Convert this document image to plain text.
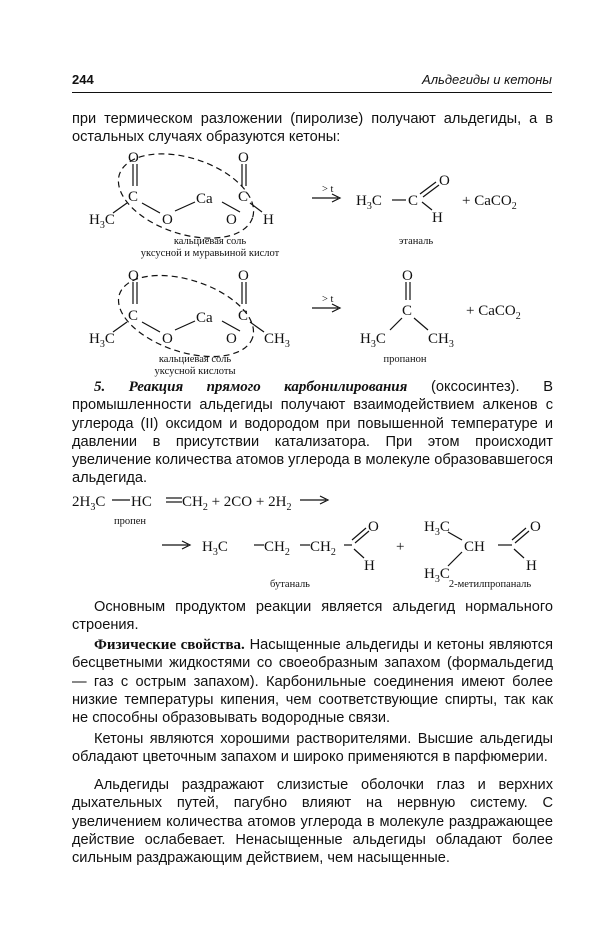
244	Альдегиды и кетоны

при термическом разложении (пиролизе) получают альдегиды, а в остальных случаях образуются кетоны:

O
C
$H_3C$	O
Ca
O
O
C
H
> t
$H_3C$ C
O
H
+ CaCO$_2$
кальциевая соль
уксусной и муравьиной кислот
этаналь
O
C
$H_3C$	O
Ca
O
O
C
$CH_3$
> t
O
C
$H_3C$	$CH_3$
+ CaCO$_2$
кальциевая соль
уксусной кислоты
пропанон

5. Реакция прямого карбонилирования (оксосинтез). В промышленности альдегиды получают взаимодействием алкенов с углерода (II) оксидом и водородом при повышенной температуре и давлении в присутствии катализатора. При этом происходит увеличение количества атомов углерода в молекуле образовавшегося альдегида.

$2H_3C$ HC $CH_2 + 2CO + 2H_2$
пропен
$H_3C$ $CH_2$ $CH_2$
O
H
+
$H_3C$
$H_3C$
CH
O
H
бутаналь	2-метилпропаналь

Основным продуктом реакции является альдегид нормального строения.

Физические свойства. Насыщенные альдегиды и кетоны являются бесцветными жидкостями со своеобразным запахом (формальдегид — газ с острым запахом). Карбонильные соединения имеют более низкие температуры кипения, чем соответствующие спирты, так как не способны образовывать водородные связи.

Кетоны являются хорошими растворителями. Высшие альдегиды обладают цветочным запахом и широко применяются в парфюмерии.

Альдегиды раздражают слизистые оболочки глаз и верхних дыхательных путей, пагубно влияют на нервную систему. С увеличением количества атомов углерода в молекуле раздражающее действие ослабевает. Ненасыщенные альдегиды обладают более сильным раздражающим действием, чем насыщенные.
